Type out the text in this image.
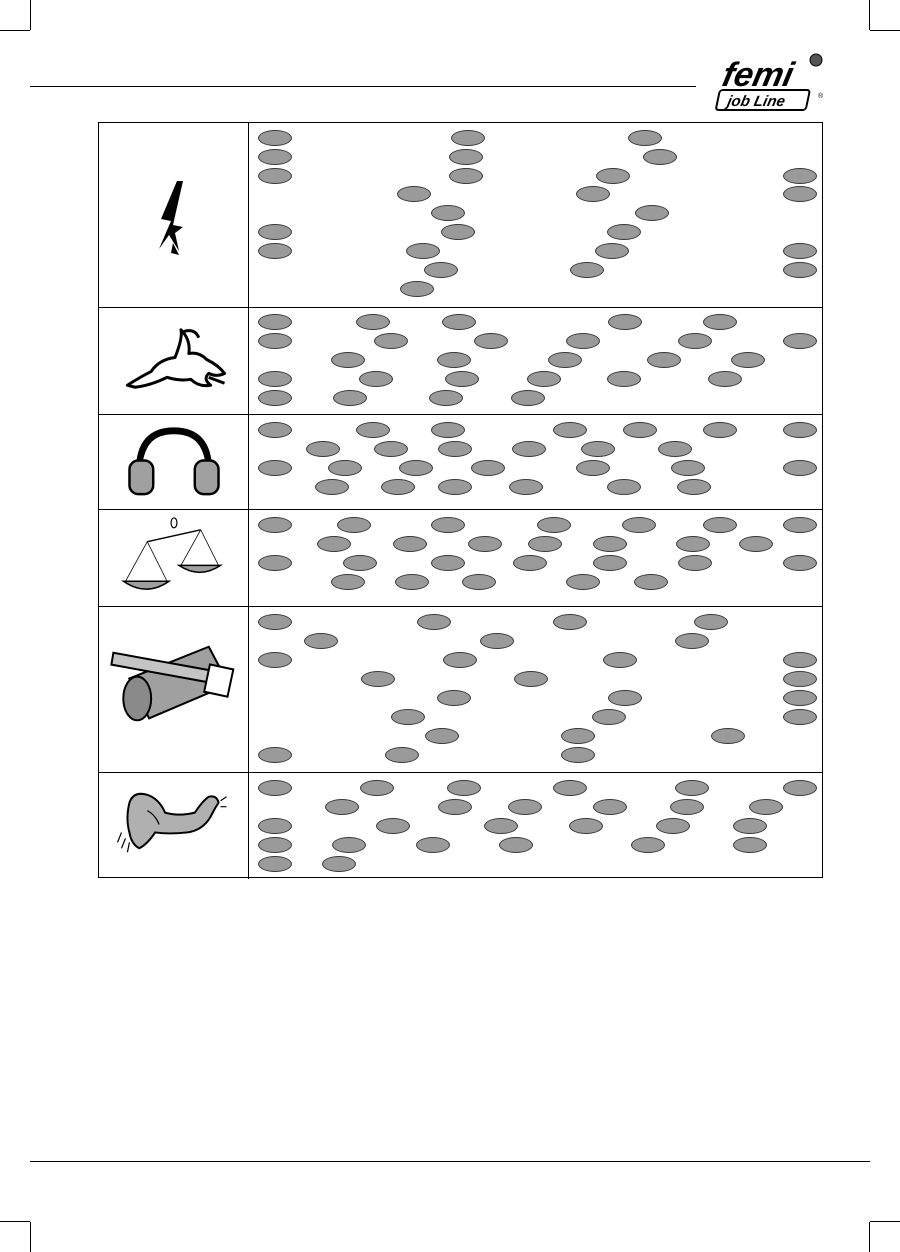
femi
job Line	®
